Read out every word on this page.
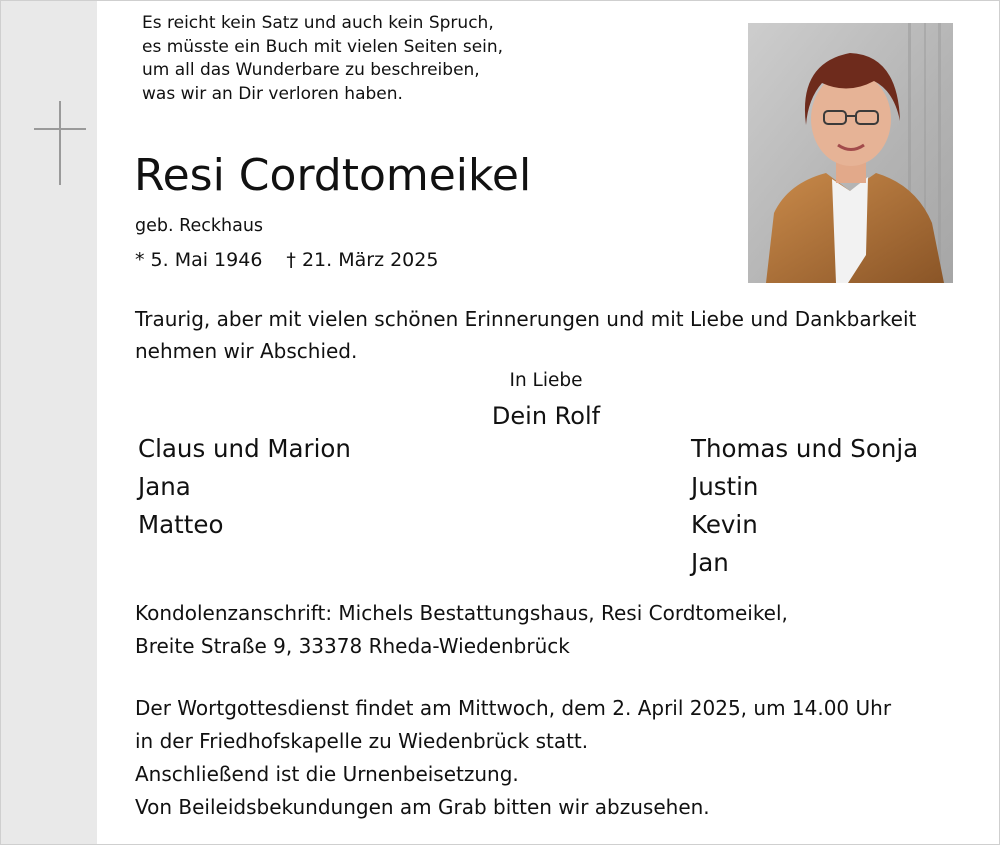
Es reicht kein Satz und auch kein Spruch,
es müsste ein Buch mit vielen Seiten sein,
um all das Wunderbare zu beschreiben,
was wir an Dir verloren haben.
Resi Cordtomeikel
geb. Reckhaus
* 5. Mai 1946 † 21. März 2025
Traurig, aber mit vielen schönen Erinnerungen und mit Liebe und Dankbarkeit
nehmen wir Abschied.
In Liebe
Dein Rolf
Claus und Marion
Jana
Matteo
Thomas und Sonja
Justin
Kevin
Jan
Kondolenzanschrift: Michels Bestattungshaus, Resi Cordtomeikel,
Breite Straße 9, 33378 Rheda-Wiedenbrück
Der Wortgottesdienst findet am Mittwoch, dem 2. April 2025, um 14.00 Uhr
in der Friedhofskapelle zu Wiedenbrück statt.
Anschließend ist die Urnenbeisetzung.
Von Beileidsbekundungen am Grab bitten wir abzusehen.
